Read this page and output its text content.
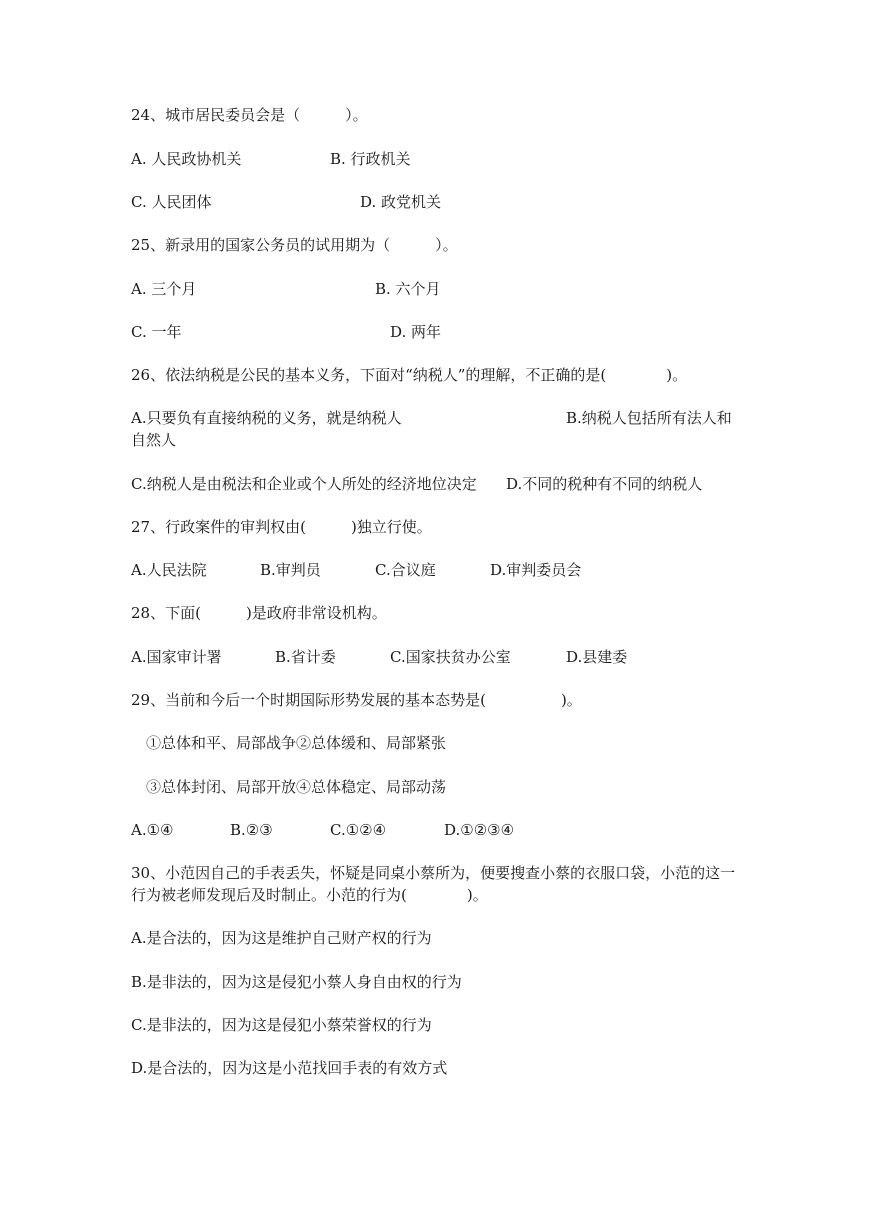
24、城市居民委员会是（　　　）。
A. 人民政协机关	B. 行政机关
C. 人民团体	D. 政党机关
25、新录用的国家公务员的试用期为（　　　）。
A. 三个月	B. 六个月
C. 一年	D. 两年
26、依法纳税是公民的基本义务，下面对“纳税人”的理解，不正确的是(　　　　)。
A.只要负有直接纳税的义务，就是纳税人	B.纳税人包括所有法人和
自然人
C.纳税人是由税法和企业或个人所处的经济地位决定 D.不同的税种有不同的纳税人
27、行政案件的审判权由(　　　)独立行使。
A.人民法院	B.审判员	C.合议庭	D.审判委员会
28、下面(　　　)是政府非常设机构。
A.国家审计署	B.省计委	C.国家扶贫办公室	D.县建委
29、当前和今后一个时期国际形势发展的基本态势是(　　　　　)。
①总体和平、局部战争②总体缓和、局部紧张
③总体封闭、局部开放④总体稳定、局部动荡
A.①④	B.②③	C.①②④	D.①②③④
30、小范因自己的手表丢失，怀疑是同桌小蔡所为，便要搜查小蔡的衣服口袋，小范的这一
行为被老师发现后及时制止。小范的行为(　　　　)。
A.是合法的，因为这是维护自己财产权的行为
B.是非法的，因为这是侵犯小蔡人身自由权的行为
C.是非法的，因为这是侵犯小蔡荣誉权的行为
D.是合法的，因为这是小范找回手表的有效方式
